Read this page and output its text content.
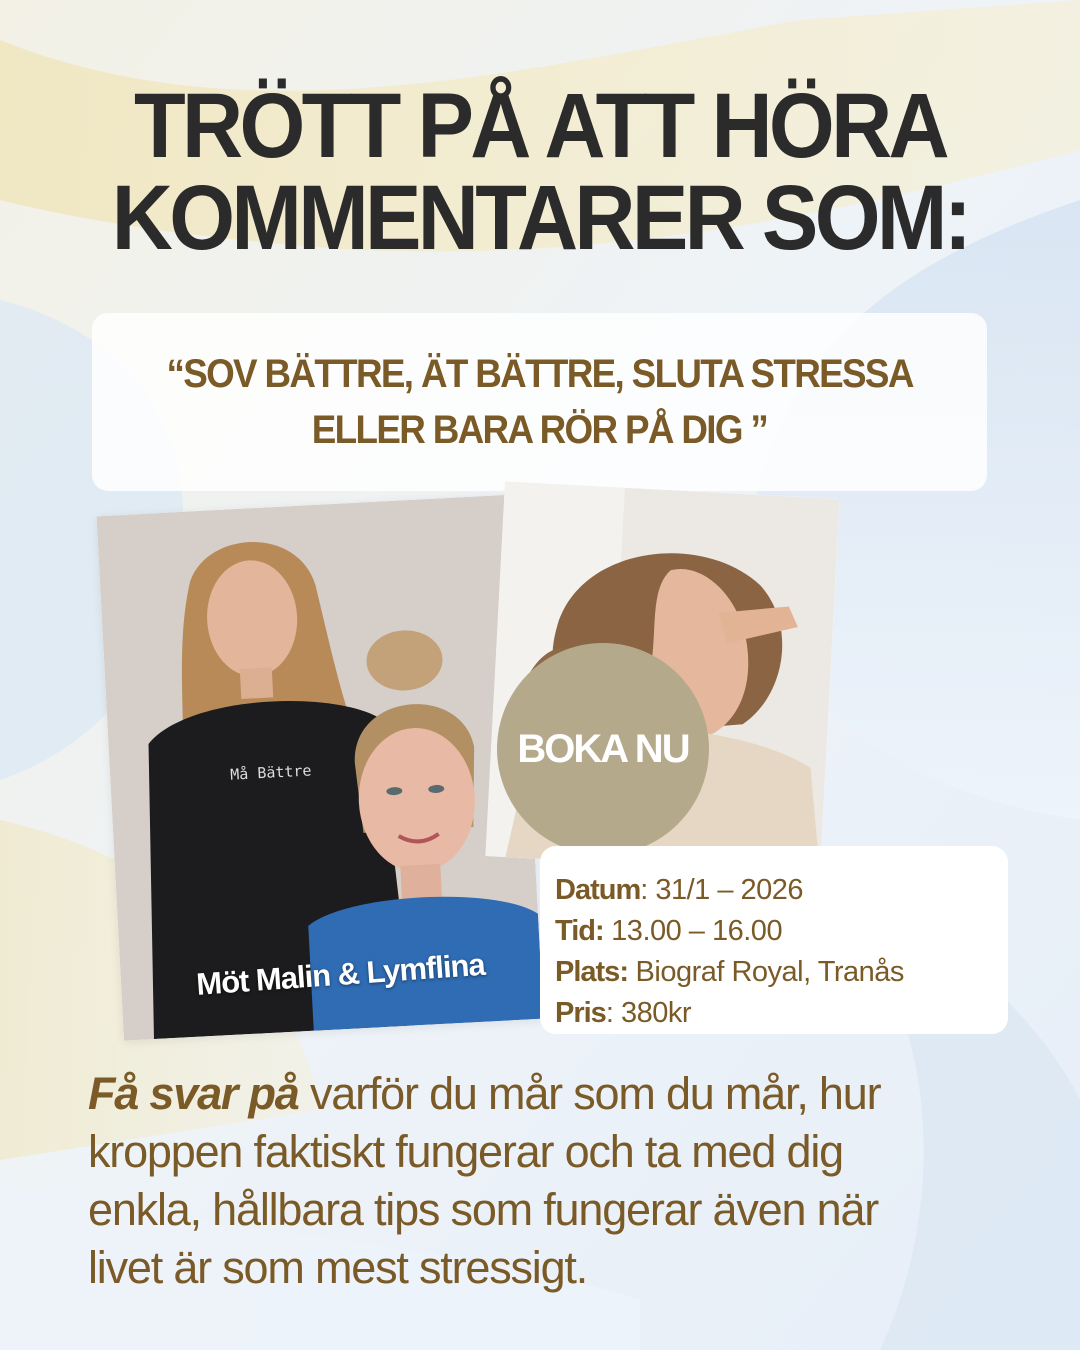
TRÖTT PÅ ATT HÖRA
KOMMENTARER SOM:
“SOV BÄTTRE, ÄT BÄTTRE, SLUTA STRESSA
ELLER BARA RÖR PÅ DIG ”
Må Bättre
Möt Malin & Lymflina
BOKA NU
Datum: 31/1 – 2026
Tid: 13.00 – 16.00
Plats: Biograf Royal, Tranås
Pris: 380kr
Få svar på varför du mår som du mår, hur
kroppen faktiskt fungerar och ta med dig
enkla, hållbara tips som fungerar även när
livet är som mest stressigt.
